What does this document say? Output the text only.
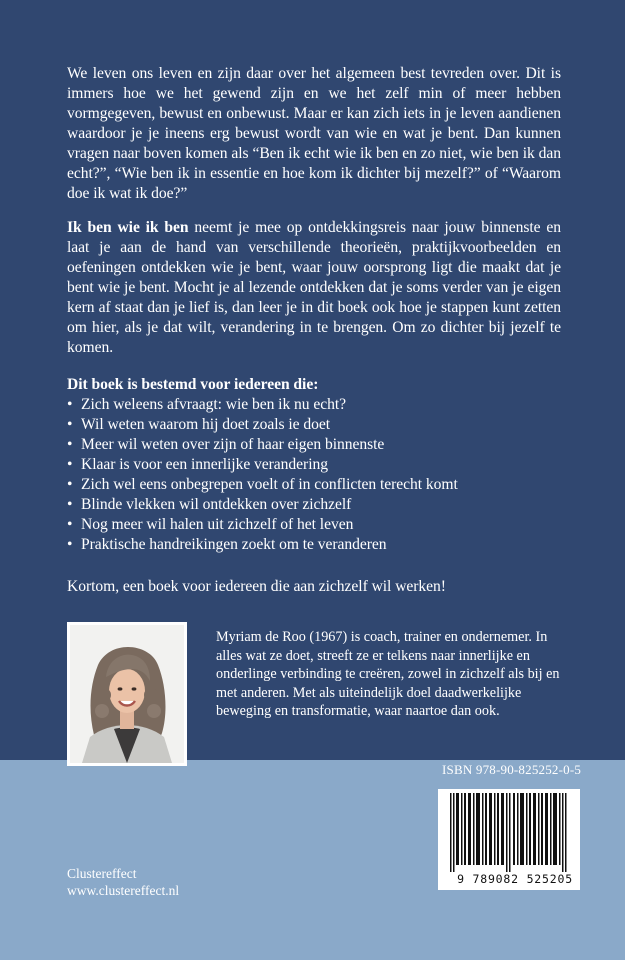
We leven ons leven en zijn daar over het algemeen best tevreden over. Dit is immers hoe we het gewend zijn en we het zelf min of meer hebben vormgegeven, bewust en onbewust. Maar er kan zich iets in je leven aandienen waardoor je je ineens erg bewust wordt van wie en wat je bent. Dan kunnen vragen naar boven komen als “Ben ik echt wie ik ben en zo niet, wie ben ik dan echt?”, “Wie ben ik in essentie en hoe kom ik dichter bij mezelf?” of “Waarom doe ik wat ik doe?”
Ik ben wie ik ben neemt je mee op ontdekkingsreis naar jouw binnenste en laat je aan de hand van verschillende theorieën, praktijkvoorbeelden en oefeningen ontdekken wie je bent, waar jouw oorsprong ligt die maakt dat je bent wie je bent. Mocht je al lezende ontdekken dat je soms verder van je eigen kern af staat dan je lief is, dan leer je in dit boek ook hoe je stappen kunt zetten om hier, als je dat wilt, verandering in te brengen. Om zo dichter bij jezelf te komen.
Dit boek is bestemd voor iedereen die:
• Zich weleens afvraagt: wie ben ik nu echt?
• Wil weten waarom hij doet zoals ie doet
• Meer wil weten over zijn of haar eigen binnenste
• Klaar is voor een innerlijke verandering
• Zich wel eens onbegrepen voelt of in conflicten terecht komt
• Blinde vlekken wil ontdekken over zichzelf
• Nog meer wil halen uit zichzelf of het leven
• Praktische handreikingen zoekt om te veranderen
Kortom, een boek voor iedereen die aan zichzelf wil werken!
Myriam de Roo (1967) is coach, trainer en ondernemer. In alles wat ze doet, streeft ze er telkens naar innerlijke en onderlinge verbinding te creëren, zowel in zichzelf als bij en met anderen. Met als uiteindelijk doel daadwerkelijke beweging en transformatie, waar naartoe dan ook.
ISBN 978-90-825252-0-5
9 789082 525205
Clustereffect
www.clustereffect.nl
